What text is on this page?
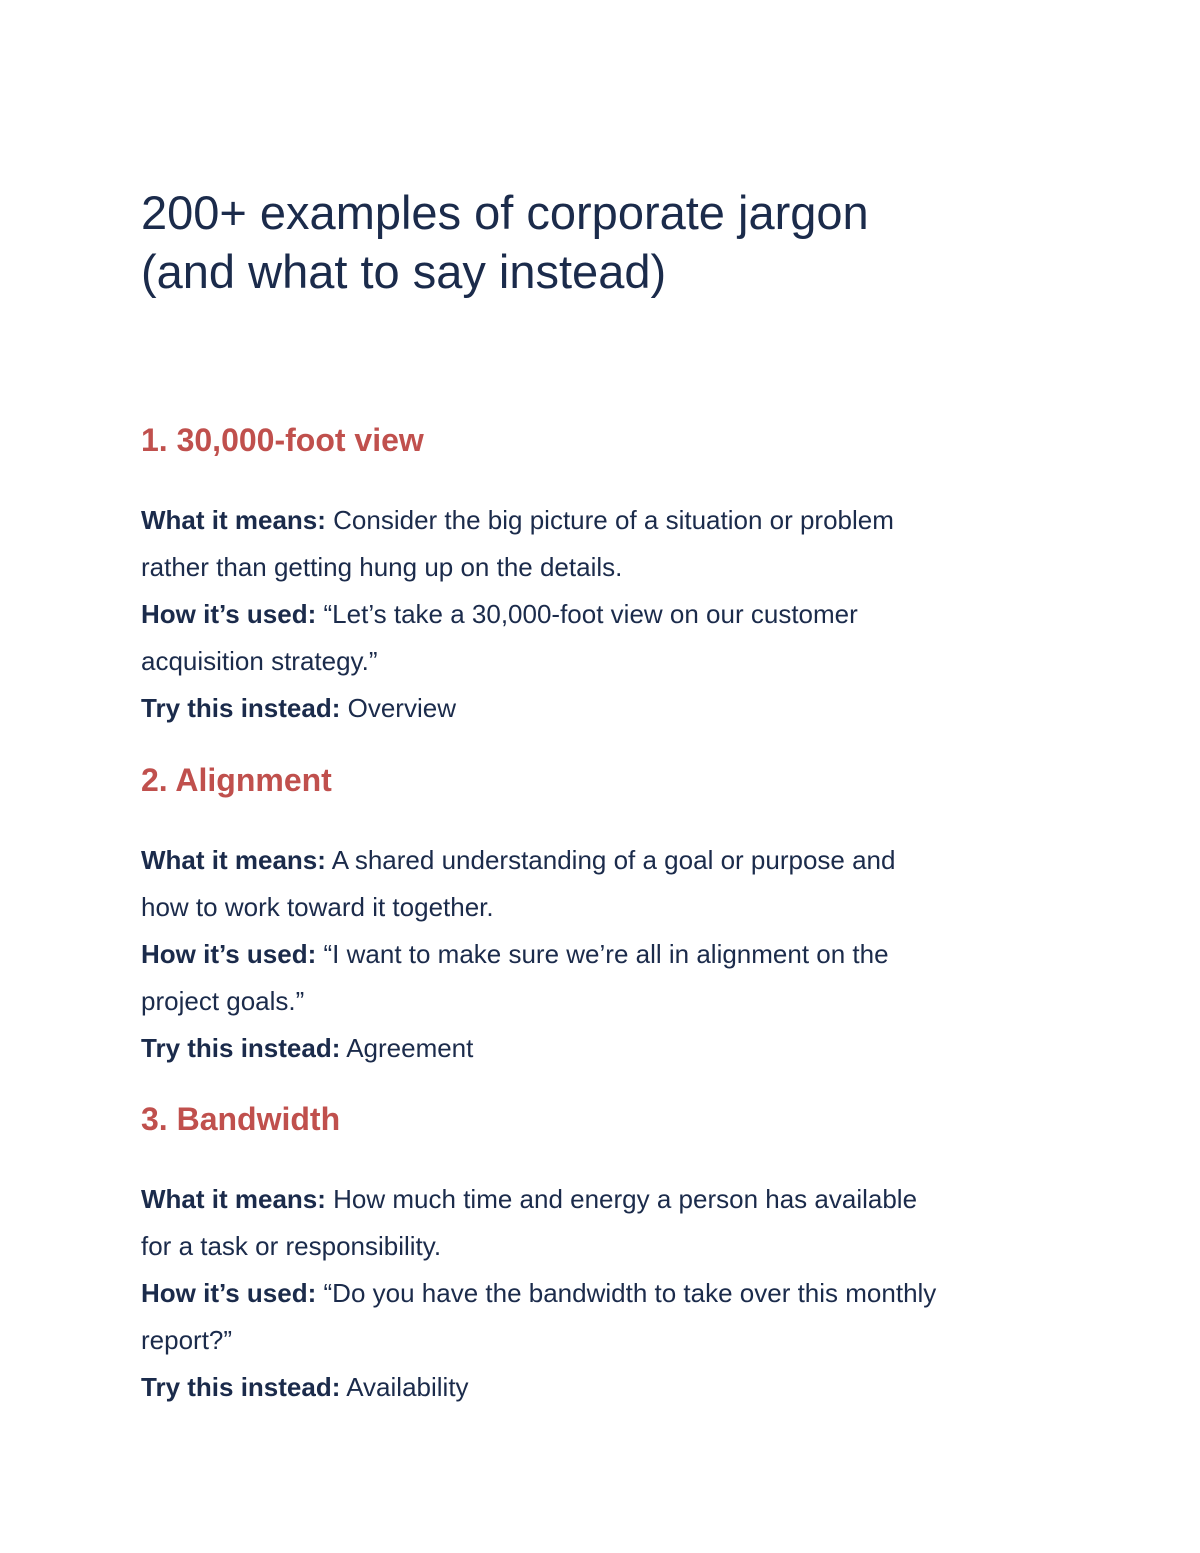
200+ examples of corporate jargon
(and what to say instead)
1. 30,000-foot view

What it means: Consider the big picture of a situation or problem
rather than getting hung up on the details.

How it’s used: “Let’s take a 30,000-foot view on our customer
acquisition strategy.”

Try this instead: Overview

2. Alignment

What it means: A shared understanding of a goal or purpose and
how to work toward it together.

How it’s used: “I want to make sure we’re all in alignment on the
project goals.”

Try this instead: Agreement

3. Bandwidth

What it means: How much time and energy a person has available
for a task or responsibility.

How it’s used: “Do you have the bandwidth to take over this monthly
report?”

Try this instead: Availability
